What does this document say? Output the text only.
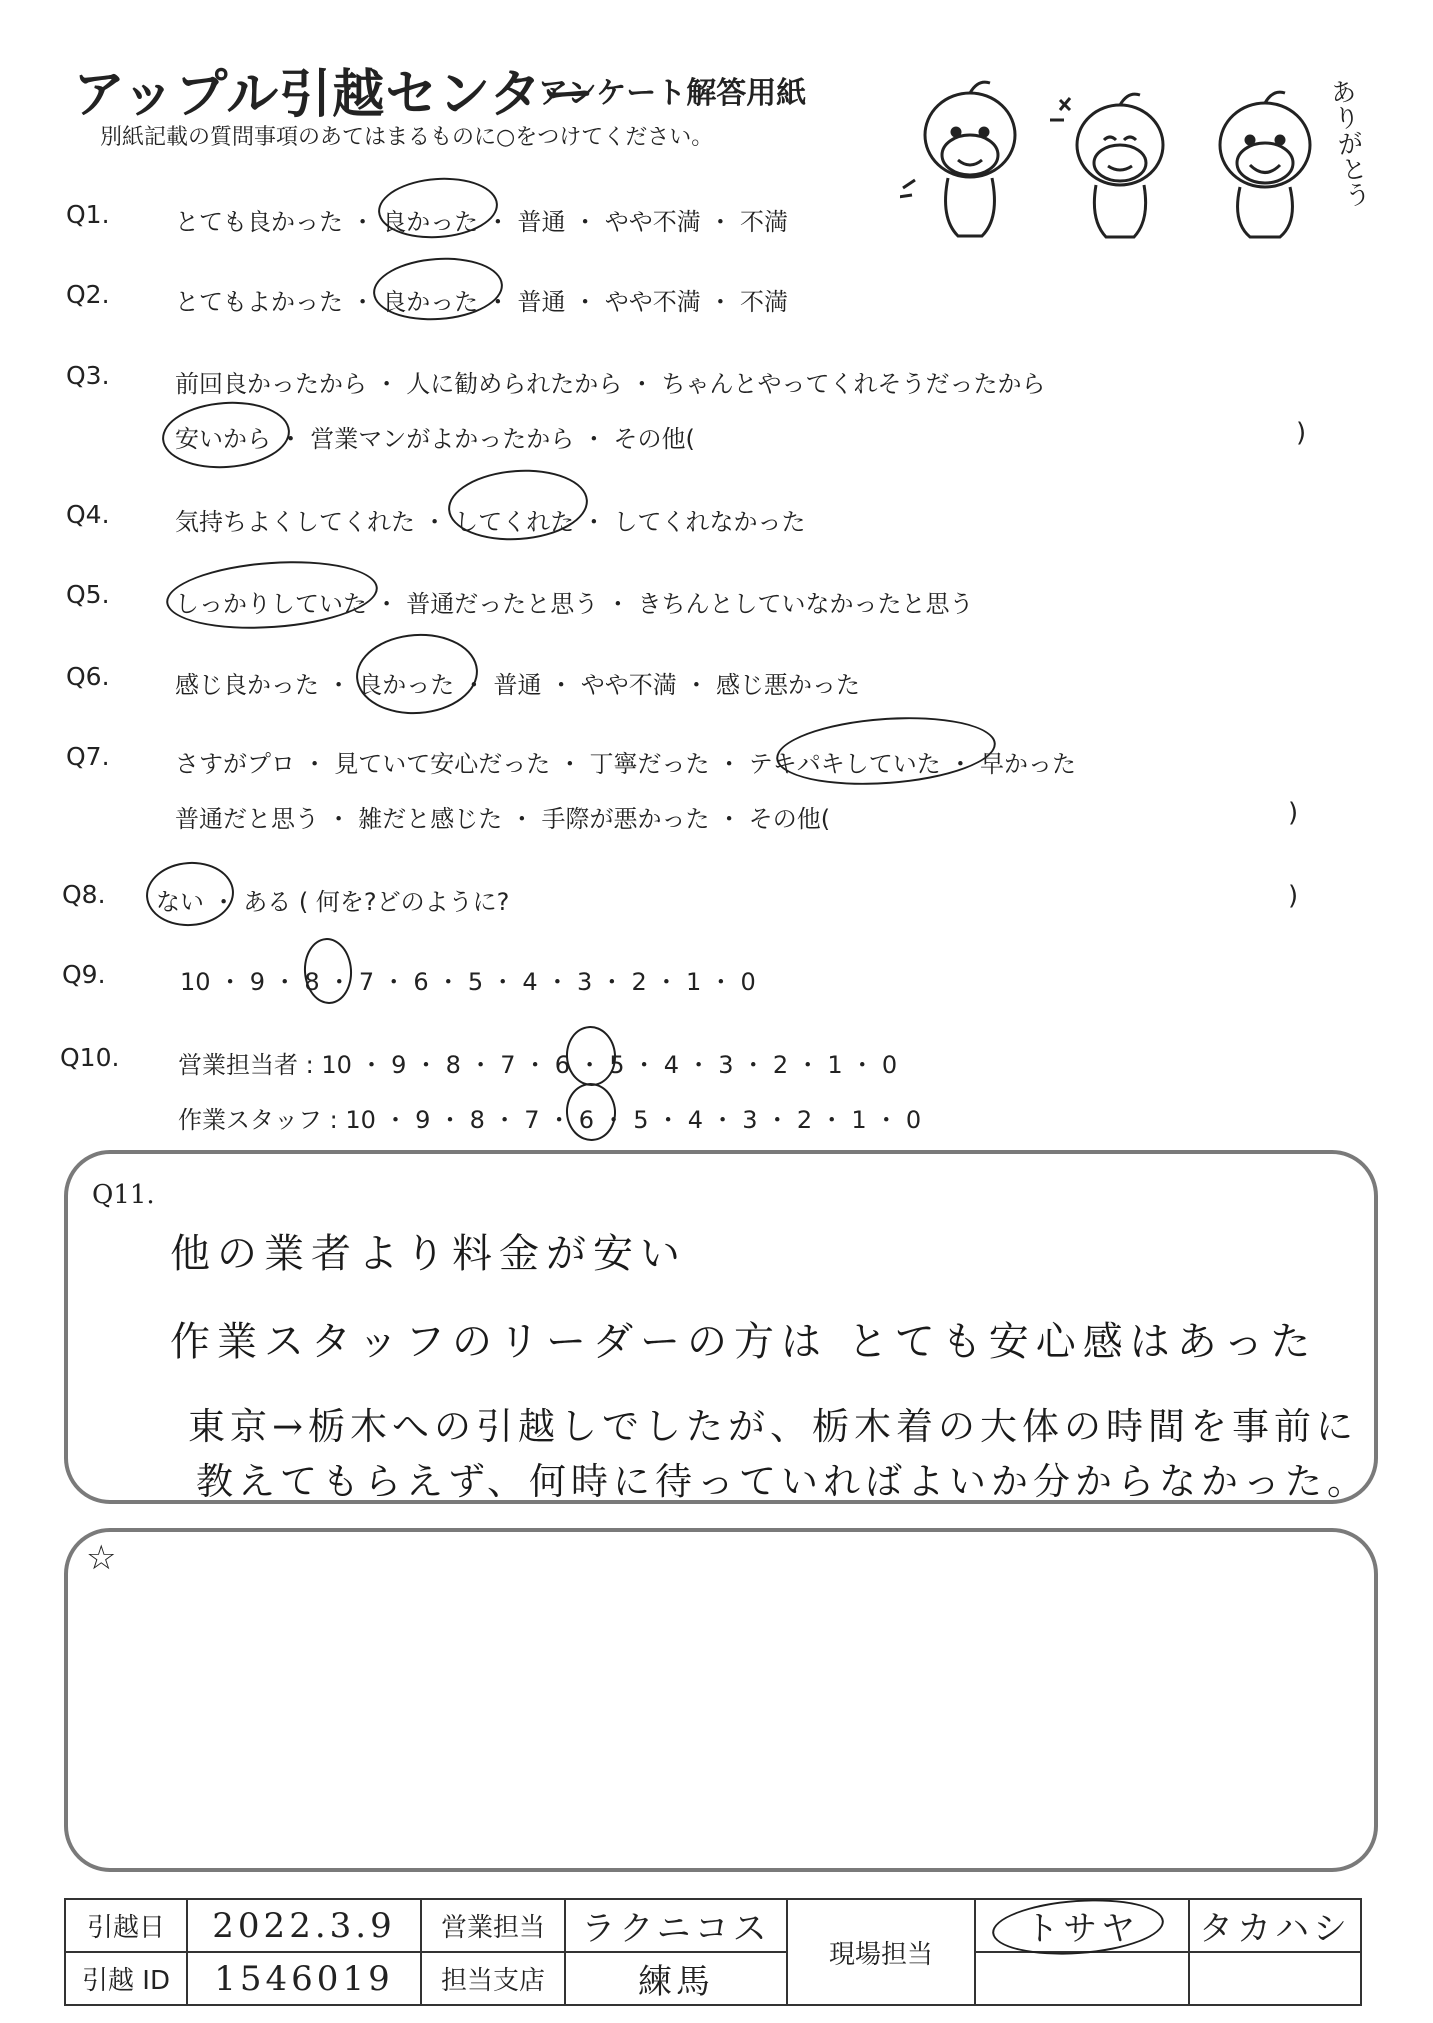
アップル引越センター
アンケート解答用紙
別紙記載の質問事項のあてはまるものに○をつけてください。	ありがとう
Q1.	とても良かった ・ 良かった ・ 普通 ・ やや不満 ・ 不満
Q2.	とてもよかった ・ 良かった ・ 普通 ・ やや不満 ・ 不満
Q3.	前回良かったから ・ 人に勧められたから ・ ちゃんとやってくれそうだったから
安いから ・ 営業マンがよかったから ・ その他(	)
Q4.	気持ちよくしてくれた ・ してくれた ・ してくれなかった
Q5.	しっかりしていた ・ 普通だったと思う ・ きちんとしていなかったと思う
Q6.	感じ良かった ・ 良かった ・ 普通 ・ やや不満 ・ 感じ悪かった
Q7.	さすがプロ ・ 見ていて安心だった ・ 丁寧だった ・ テキパキしていた ・ 早かった
普通だと思う ・ 雑だと感じた ・ 手際が悪かった ・ その他(	)
Q8. ない ・ ある ( 何を?どのように?	)
Q9.	10 ・ 9 ・ 8 ・ 7 ・ 6 ・ 5 ・ 4 ・ 3 ・ 2 ・ 1 ・ 0
Q10. 営業担当者 : 10 ・ 9 ・ 8 ・ 7 ・ 6 ・ 5 ・ 4 ・ 3 ・ 2 ・ 1 ・ 0
作業スタッフ : 10 ・ 9 ・ 8 ・ 7 ・ 6 ・ 5 ・ 4 ・ 3 ・ 2 ・ 1 ・ 0
Q11.
他の業者より料金が安い
作業スタッフのリーダーの方は とても安心感はあった
東京→栃木への引越しでしたが、栃木着の大体の時間を事前に
教えてもらえず、何時に待っていればよいか分からなかった。
☆
引越日	2022.3.9	営業担当	ラクニコス	現場担当	トサヤ	タカハシ
引越 ID	1546019	担当支店	練馬			
